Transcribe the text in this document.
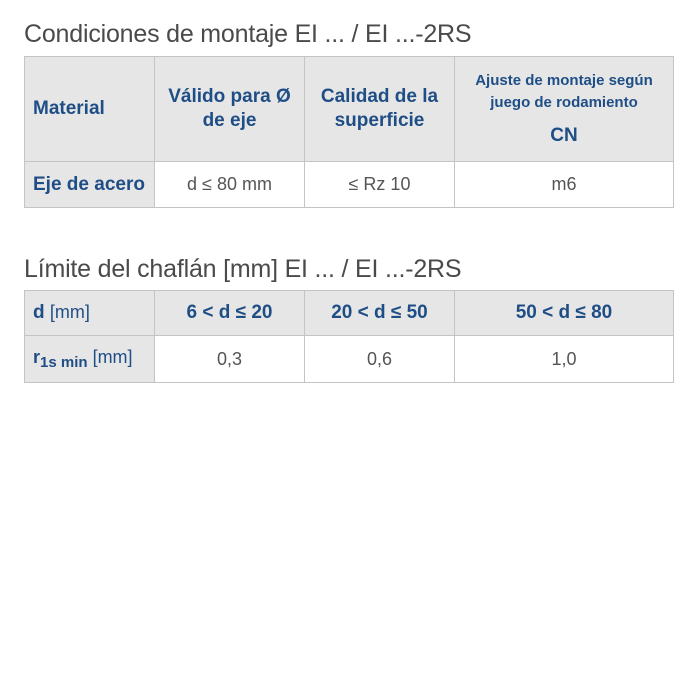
Condiciones de montaje EI ... / EI ...-2RS
Material	Válido para Ø de eje	Calidad de la superficie	Ajuste de montaje según juego de rodamiento
CN

Eje de acero	d ≤ 80 mm	≤ Rz 10	m6
Límite del chaflán [mm] EI ... / EI ...-2RS
d [mm]	6 < d ≤ 20	20 < d ≤ 50	50 < d ≤ 80
$r_{1s min}$ [mm]	0,3	0,6	1,0
